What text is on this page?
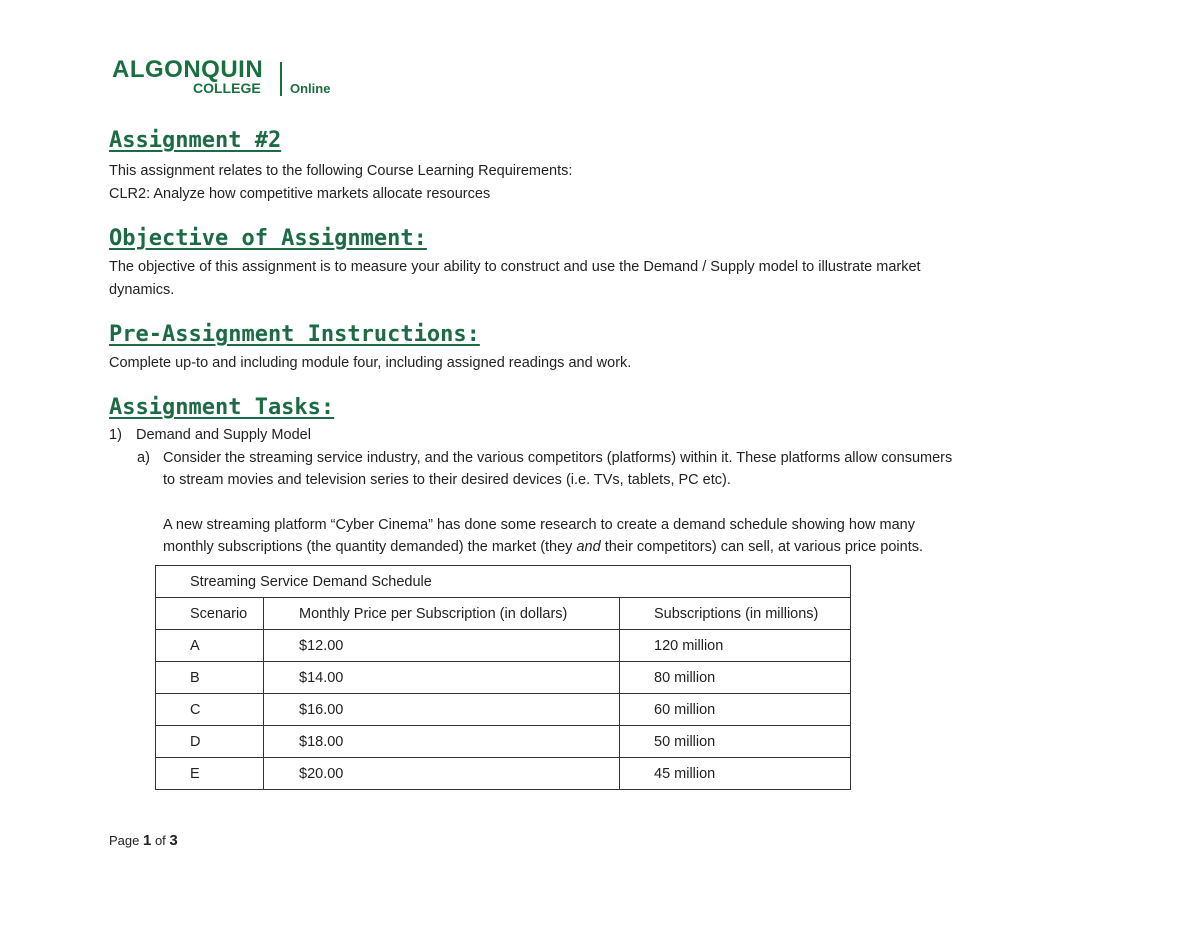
ALGONQUIN
COLLEGE Online
Assignment #2

This assignment relates to the following Course Learning Requirements:

CLR2: Analyze how competitive markets allocate resources

Objective of Assignment:

The objective of this assignment is to measure your ability to construct and use the Demand / Supply model to illustrate market

dynamics.

Pre-Assignment Instructions:

Complete up-to and including module four, including assigned readings and work.

Assignment Tasks:

1) Demand and Supply Model

a) Consider the streaming service industry, and the various competitors (platforms) within it. These platforms allow consumers

to stream movies and television series to their desired devices (i.e. TVs, tablets, PC etc).

A new streaming platform “Cyber Cinema” has done some research to create a demand schedule showing how many

monthly subscriptions (the quantity demanded) the market (they and their competitors) can sell, at various price points.

Streaming Service Demand Schedule		
Scenario	Monthly Price per Subscription (in dollars)	Subscriptions (in millions)
A	$12.00	120 million
B	$14.00	80 million
C	$16.00	60 million
D	$18.00	50 million
E	$20.00	45 million
Page 1 of 3
